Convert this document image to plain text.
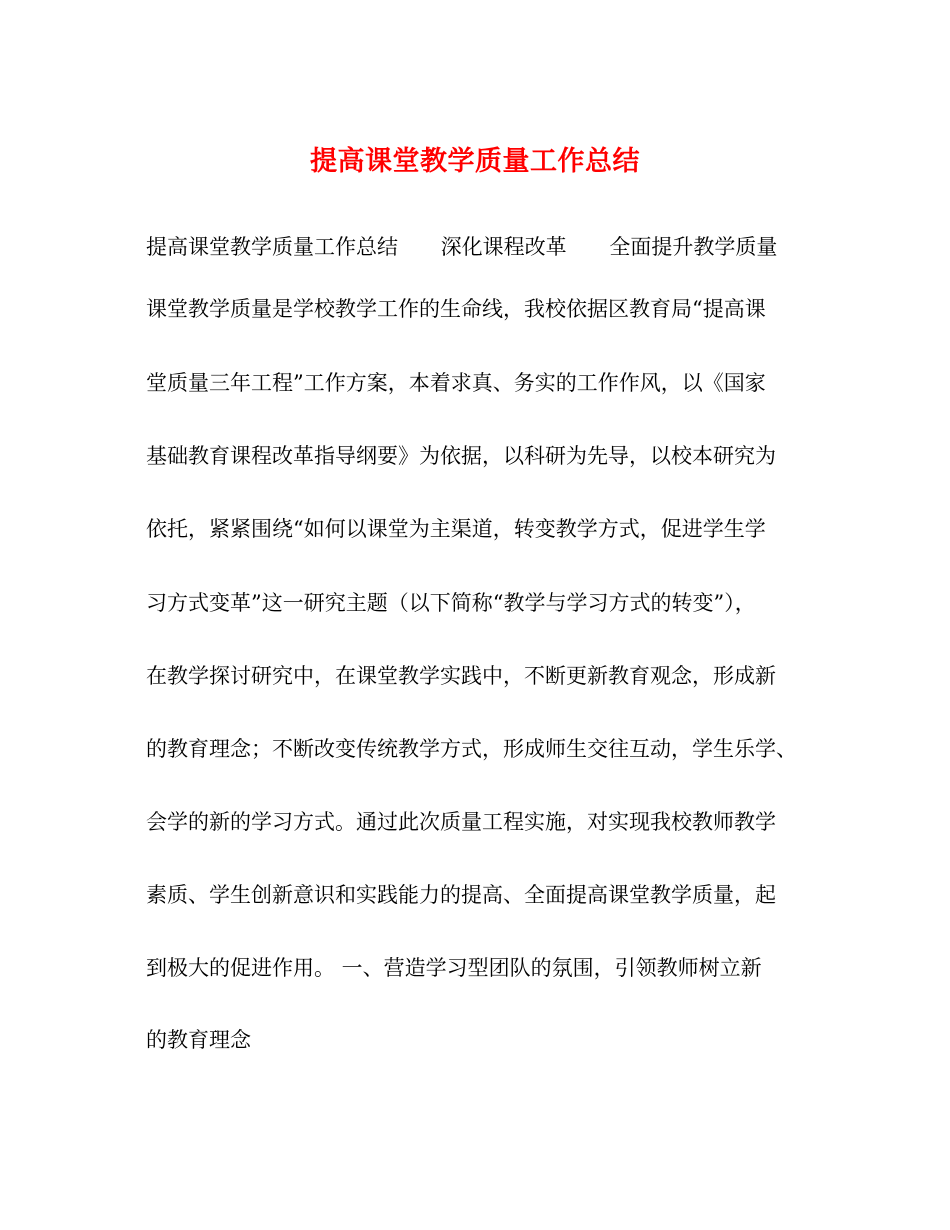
提高课堂教学质量工作总结
提高课堂教学质量工作总结 深化课程改革 全面提升教学质量
课堂教学质量是学校教学工作的生命线，我校依据区教育局“提高课
堂质量三年工程”工作方案，本着求真、务实的工作作风，以《国家
基础教育课程改革指导纲要》为依据，以科研为先导，以校本研究为
依托，紧紧围绕“如何以课堂为主渠道，转变教学方式，促进学生学
习方式变革”这一研究主题（以下简称“教学与学习方式的转变”），
在教学探讨研究中，在课堂教学实践中，不断更新教育观念，形成新
的教育理念；不断改变传统教学方式，形成师生交往互动，学生乐学、
会学的新的学习方式。通过此次质量工程实施，对实现我校教师教学
素质、学生创新意识和实践能力的提高、全面提高课堂教学质量，起
到极大的促进作用。 一、营造学习型团队的氛围，引领教师树立新
的教育理念
